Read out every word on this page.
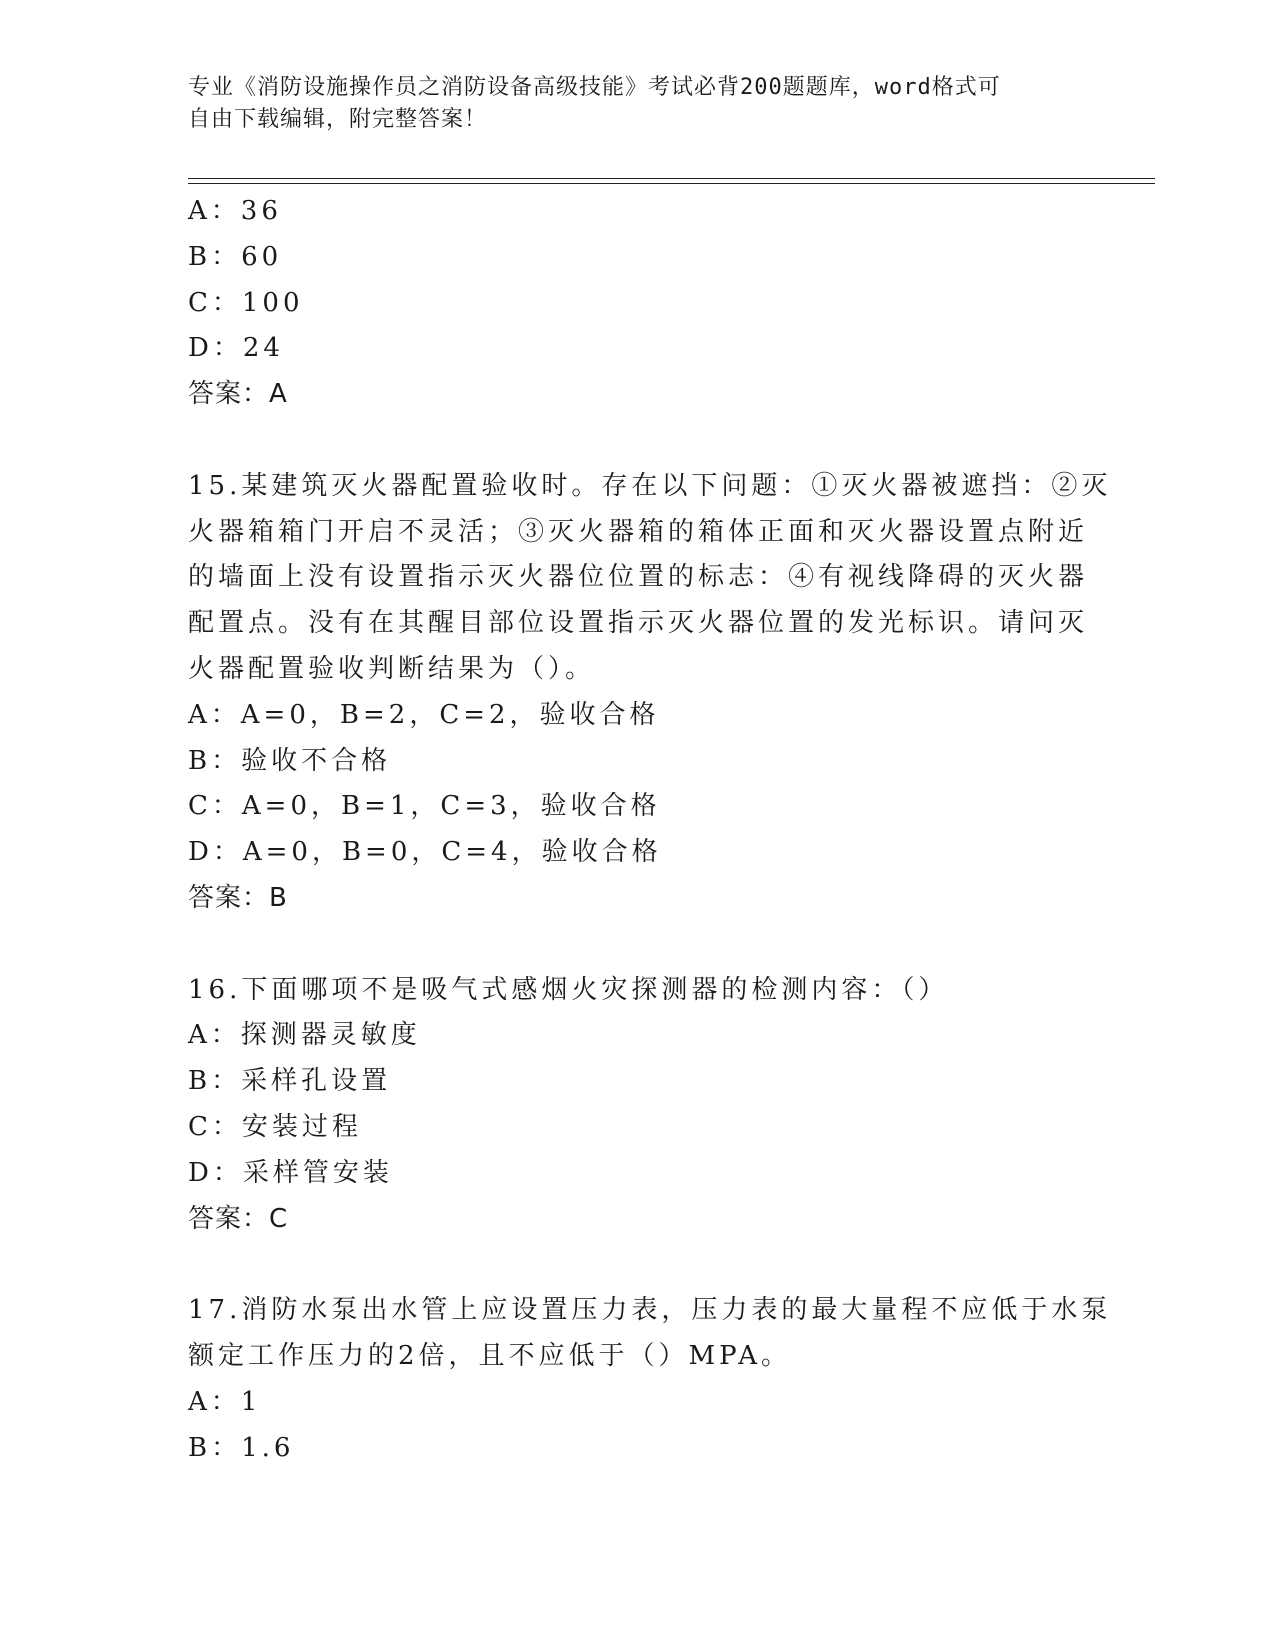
专业《消防设施操作员之消防设备高级技能》考试必背200题题库，word格式可
自由下载编辑，附完整答案！
A：36
B：60
C：100
D：24
答案：A
15.某建筑灭火器配置验收时。存在以下问题：①灭火器被遮挡：②灭
火器箱箱门开启不灵活；③灭火器箱的箱体正面和灭火器设置点附近
的墙面上没有设置指示灭火器位位置的标志：④有视线降碍的灭火器
配置点。没有在其醒目部位设置指示灭火器位置的发光标识。请问灭
火器配置验收判断结果为（）。
A：A=0，B=2，C=2，验收合格
B：验收不合格
C：A=0，B=1，C=3，验收合格
D：A=0，B=0，C=4，验收合格
答案：B
16.下面哪项不是吸气式感烟火灾探测器的检测内容：（）
A：探测器灵敏度
B：采样孔设置
C：安装过程
D：采样管安装
答案：C
17.消防水泵出水管上应设置压力表，压力表的最大量程不应低于水泵
额定工作压力的2倍，且不应低于（）MPA。
A：1
B：1.6
